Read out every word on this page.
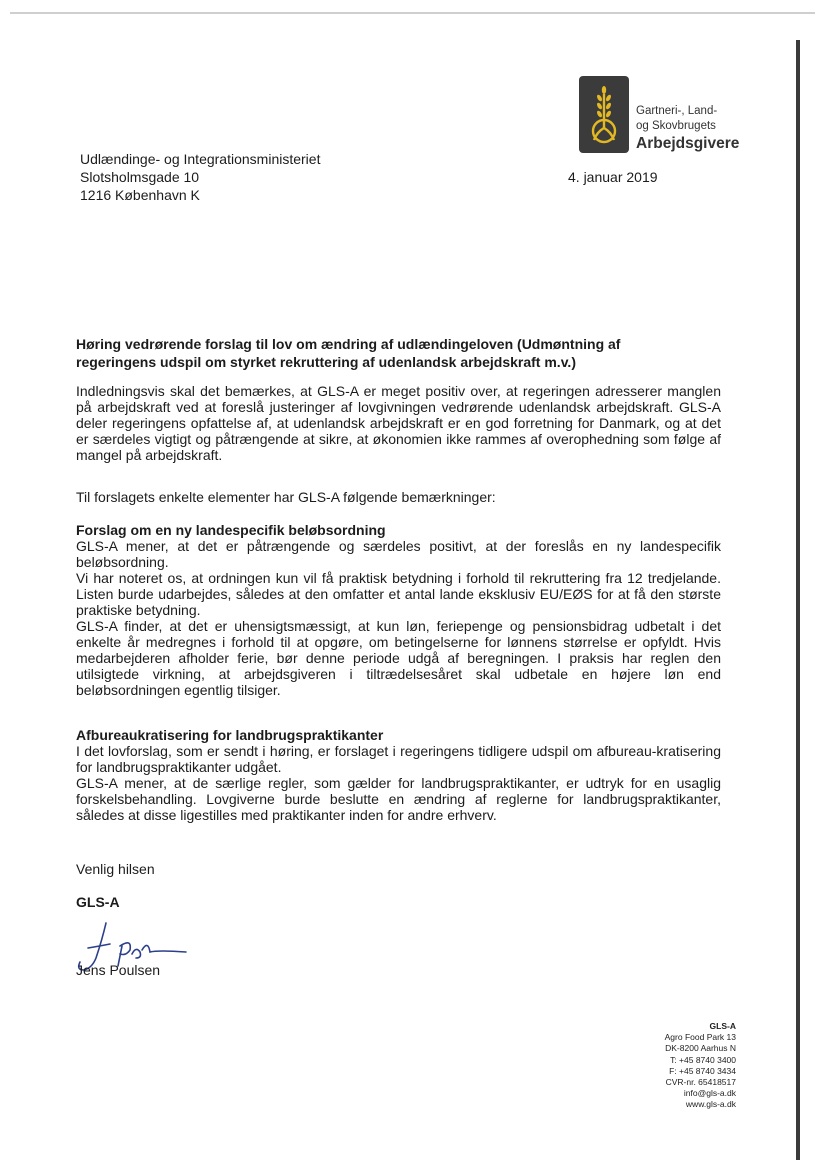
Gartneri-, Land-
og Skovbrugets
Arbejdsgivere
Udlændinge- og Integrationsministeriet
Slotsholmsgade 10
1216 København K
4. januar 2019
Høring vedrørende forslag til lov om ændring af udlændingeloven (Udmøntning af
regeringens udspil om styrket rekruttering af udenlandsk arbejdskraft m.v.)

Indledningsvis skal det bemærkes, at GLS-A er meget positiv over, at regeringen adresserer manglen på arbejdskraft ved at foreslå justeringer af lovgivningen vedrørende udenlandsk arbejdskraft. GLS-A deler regeringens opfattelse af, at udenlandsk arbejdskraft er en god forretning for Danmark, og at det er særdeles vigtigt og påtrængende at sikre, at økonomien ikke rammes af overophedning som følge af mangel på arbejdskraft.

Til forslagets enkelte elementer har GLS-A følgende bemærkninger:

Forslag om en ny landespecifik beløbsordning

GLS-A mener, at det er påtrængende og særdeles positivt, at der foreslås en ny landespecifik beløbsordning.

Vi har noteret os, at ordningen kun vil få praktisk betydning i forhold til rekruttering fra 12 tredjelande. Listen burde udarbejdes, således at den omfatter et antal lande eksklusiv EU/EØS for at få den største praktiske betydning.

GLS-A finder, at det er uhensigtsmæssigt, at kun løn, feriepenge og pensionsbidrag udbetalt i det enkelte år medregnes i forhold til at opgøre, om betingelserne for lønnens størrelse er opfyldt. Hvis medarbejderen afholder ferie, bør denne periode udgå af beregningen. I praksis har reglen den utilsigtede virkning, at arbejdsgiveren i tiltrædelsesåret skal udbetale en højere løn end beløbsordningen egentlig tilsiger.

Afbureaukratisering for landbrugspraktikanter

I det lovforslag, som er sendt i høring, er forslaget i regeringens tidligere udspil om afbureau-kratisering for landbrugspraktikanter udgået.

GLS-A mener, at de særlige regler, som gælder for landbrugspraktikanter, er udtryk for en usaglig forskelsbehandling. Lovgiverne burde beslutte en ændring af reglerne for landbrugspraktikanter, således at disse ligestilles med praktikanter inden for andre erhverv.

Venlig hilsen
GLS-A
Jens Poulsen
GLS-A
Agro Food Park 13
DK-8200 Aarhus N
T: +45 8740 3400
F: +45 8740 3434
CVR-nr. 65418517
info@gls-a.dk
www.gls-a.dk
